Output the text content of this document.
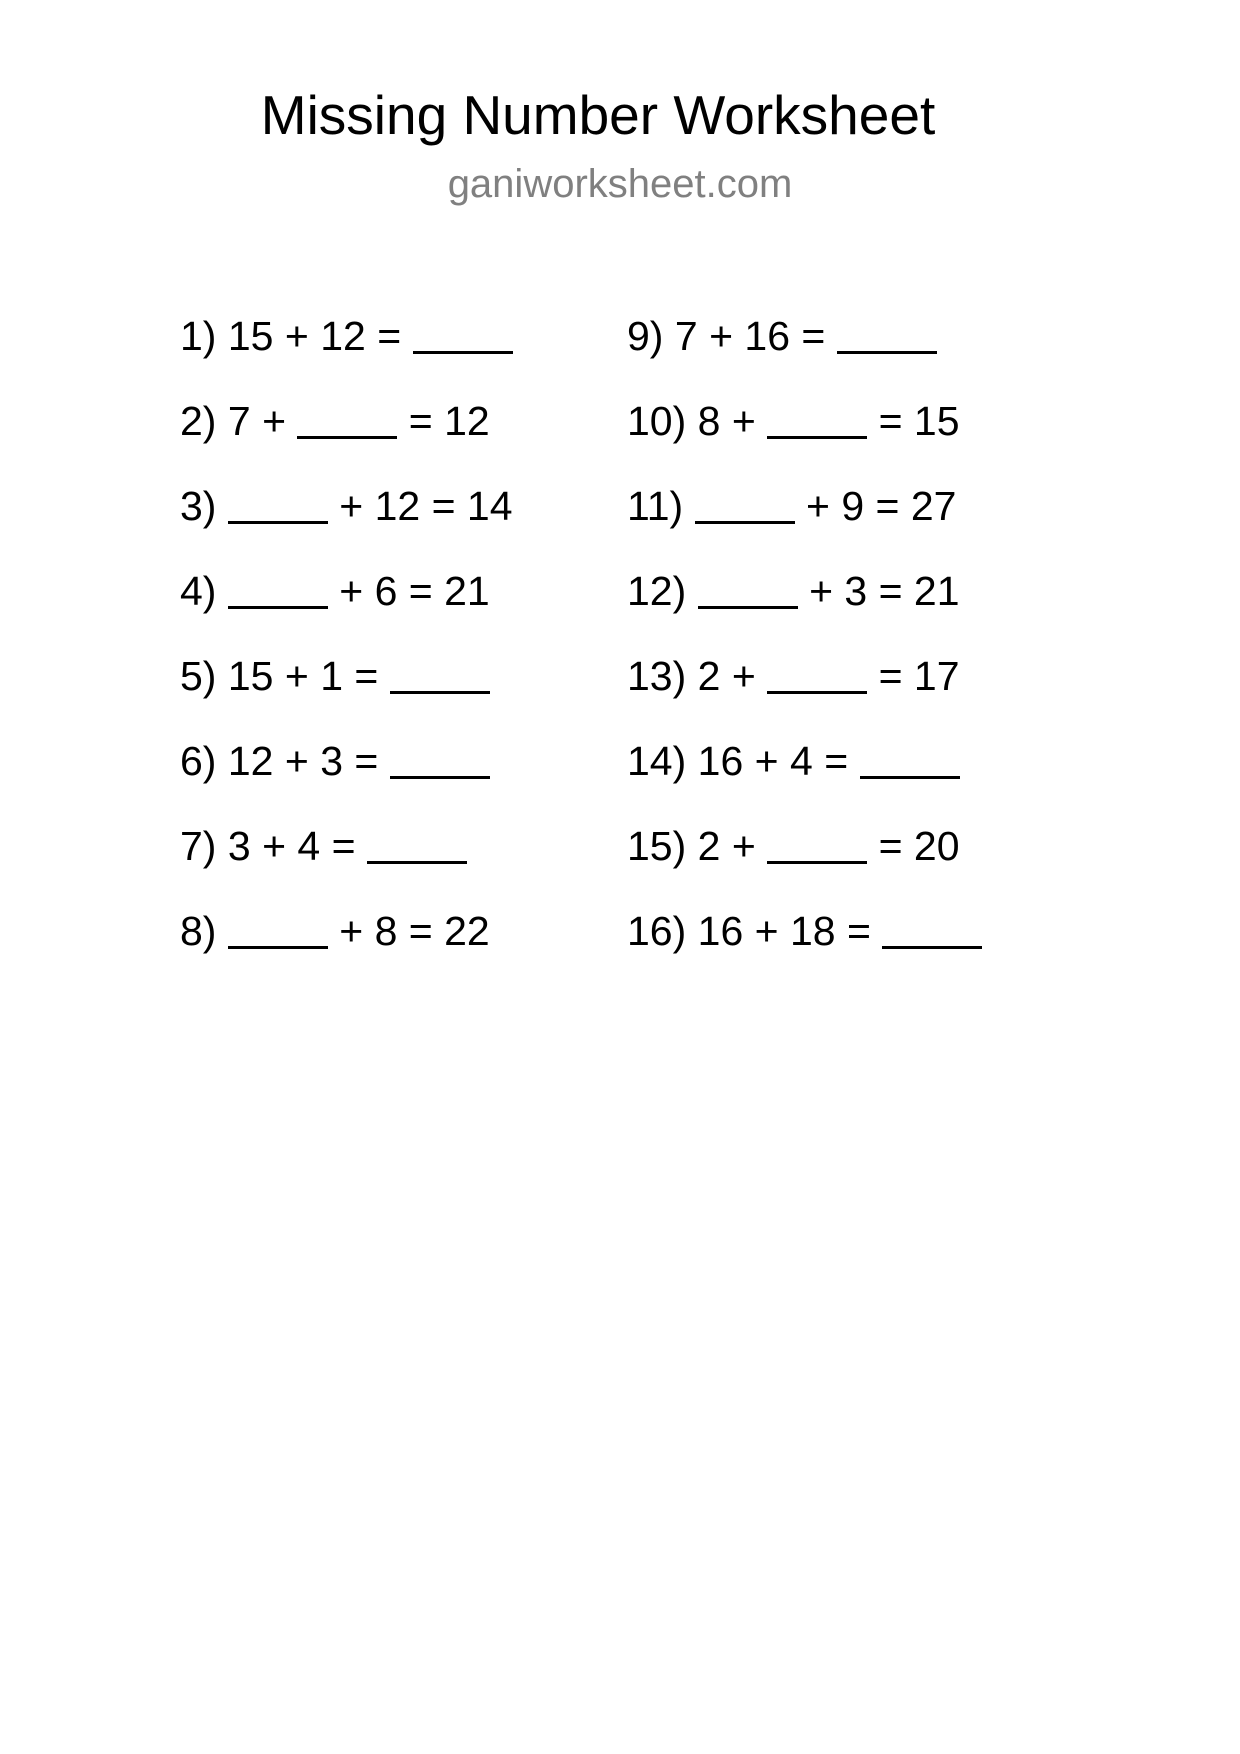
Missing Number Worksheet
ganiworksheet.com
1) 15 + 12 =
2) 7 +  = 12
3)	+ 12 = 14
4)	+ 6 = 21
5) 15 + 1 =
6) 12 + 3 =
7) 3 + 4 =
8)	+ 8 = 22
9) 7 + 16 =
10) 8 +  = 15
11)	+ 9 = 27
12)	+ 3 = 21
13) 2 +  = 17
14) 16 + 4 =
15) 2 +  = 20
16) 16 + 18 =
